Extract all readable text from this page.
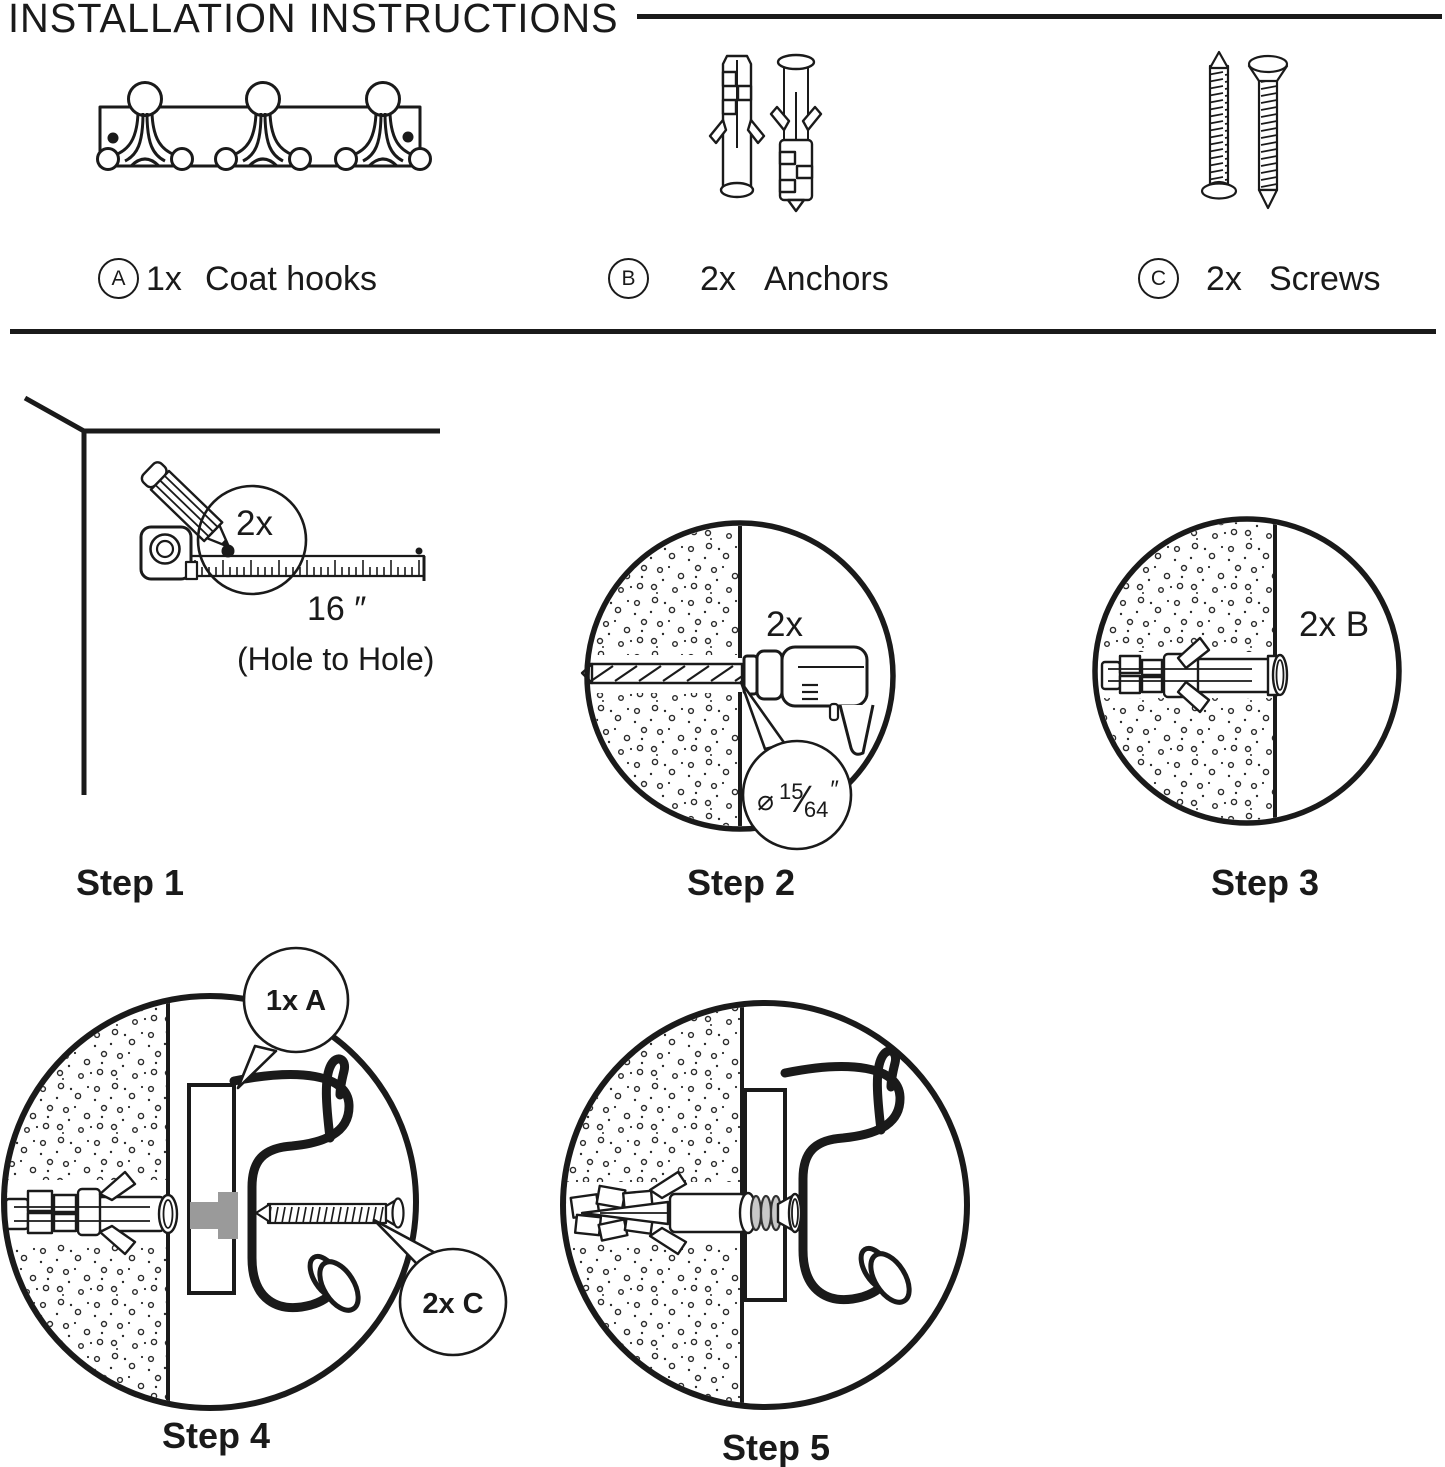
INSTALLATION INSTRUCTIONS
A 1x Coat hooks	B 2x Anchors	C 2x Screws
2x
16 ″
(Hole to Hole)
Step 1
2x
⌀ 15
⁄
64
″
Step 2
2x B
Step 3
1x A
2x C
Step 4	Step 5
